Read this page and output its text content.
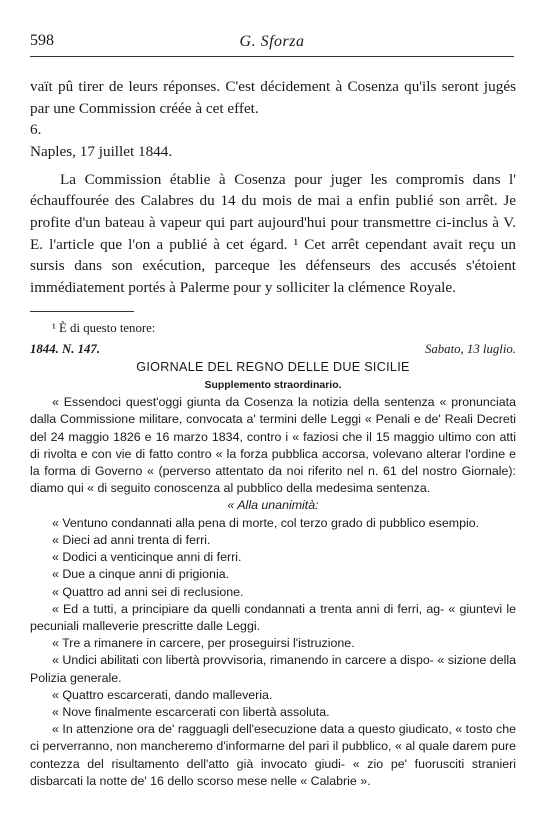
598	G. Sforza

vaït pû tirer de leurs réponses. C'est décidement à Cosenza qu'ils seront jugés par une Commission créée à cet effet.

6.

Naples, 17 juillet 1844.

La Commission établie à Cosenza pour juger les compromis dans l' échauffourée des Calabres du 14 du mois de mai a enfin publié son arrêt. Je profite d'un bateau à vapeur qui part aujourd'hui pour transmettre ci-inclus à V. E. l'article que l'on a publié à cet égard. ¹ Cet arrêt cependant avait reçu un sursis dans son exécution, parceque les défenseurs des accusés s'étoient immédiatement portés à Palerme pour y solliciter la clémence Royale.

¹ È di questo tenore:

1844. N. 147.	Sabato, 13 luglio.

GIORNALE DEL REGNO DELLE DUE SICILIE

Supplemento straordinario.

« Essendoci quest'oggi giunta da Cosenza la notizia della sentenza « pronunciata dalla Commissione militare, convocata a' termini delle Leggi « Penali e de' Reali Decreti del 24 maggio 1826 e 16 marzo 1834, contro i « faziosi che il 15 maggio ultimo con atti di rivolta e con vie di fatto contro « la forza pubblica accorsa, volevano alterar l'ordine e la forma di Governo « (perverso attentato da noi riferito nel n. 61 del nostro Giornale): diamo qui « di seguito conoscenza al pubblico della medesima sentenza.

« Alla unanimità:

« Ventuno condannati alla pena di morte, col terzo grado di pubblico esempio.

« Dieci ad anni trenta di ferri.

« Dodici a venticinque anni di ferri.

« Due a cinque anni di prigionia.

« Quattro ad anni sei di reclusione.

« Ed a tutti, a principiare da quelli condannati a trenta anni di ferri, ag- « giuntevi le pecuniali malleverie prescritte dalle Leggi.

« Tre a rimanere in carcere, per proseguirsi l'istruzione.

« Undici abilitati con libertà provvisoria, rimanendo in carcere a dispo- « sizione della Polizia generale.

« Quattro escarcerati, dando malleveria.

« Nove finalmente escarcerati con libertà assoluta.

« In attenzione ora de' ragguagli dell'esecuzione data a questo giudicato, « tosto che ci perverranno, non mancheremo d'informarne del pari il pubblico, « al quale darem pure contezza del risultamento dell'atto già invocato giudi- « zio pe' fuorusciti stranieri disbarcati la notte de' 16 dello scorso mese nelle « Calabrie ».
